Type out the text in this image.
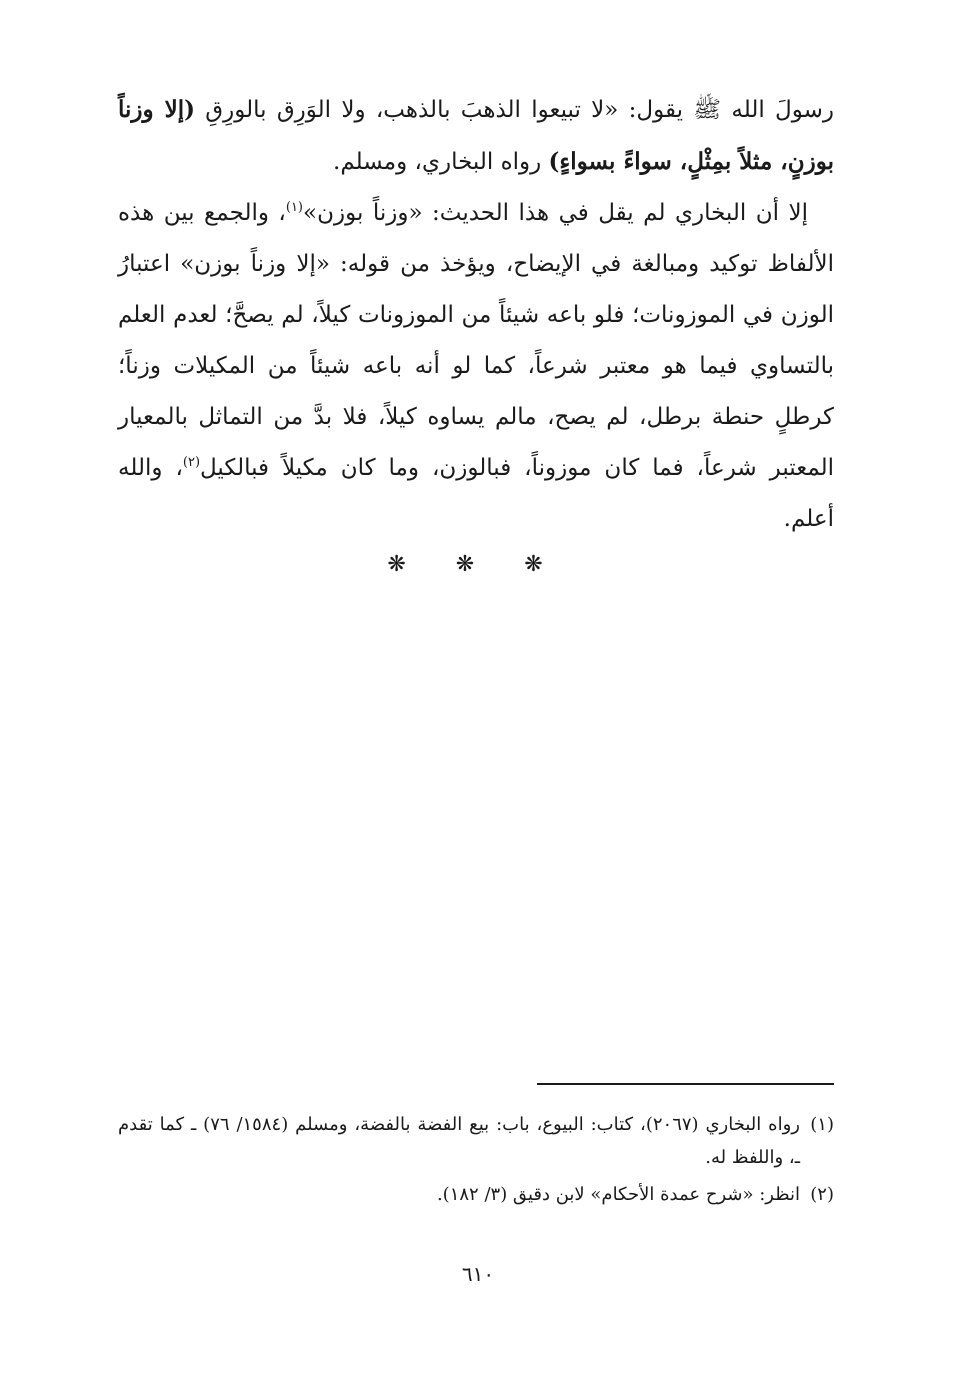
رسولَ الله ﷺ يقول: «لا تبيعوا الذهبَ بالذهب، ولا الوَرِق بالورِقِ (إلا وزناً بوزنٍ، مثلاً بمِثْلٍ، سواءً بسواءٍ) رواه البخاري، ومسلم.

إلا أن البخاري لم يقل في هذا الحديث: «وزناً بوزن»$^{(١)}$، والجمع بين هذه الألفاظ توكيد ومبالغة في الإيضاح، ويؤخذ من قوله: «إلا وزناً بوزن» اعتبارُ الوزن في الموزونات؛ فلو باعه شيئاً من الموزونات كيلاً، لم يصحَّ؛ لعدم العلم بالتساوي فيما هو معتبر شرعاً، كما لو أنه باعه شيئاً من المكيلات وزناً؛ كرطلٍ حنطة برطل، لم يصح، مالم يساوه كيلاً، فلا بدَّ من التماثل بالمعيار المعتبر شرعاً، فما كان موزوناً، فبالوزن، وما كان مكيلاً فبالكيل$^{(٢)}$، والله أعلم.

❋ ❋ ❋
(١)
رواه البخاري (٢٠٦٧)، كتاب: البيوع، باب: بيع الفضة بالفضة، ومسلم (١٥٨٤/ ٧٦) ـ كما تقدم ـ، واللفظ له.
(٢)
انظر: «شرح عمدة الأحكام» لابن دقيق (٣/ ١٨٢).
٦١٠
